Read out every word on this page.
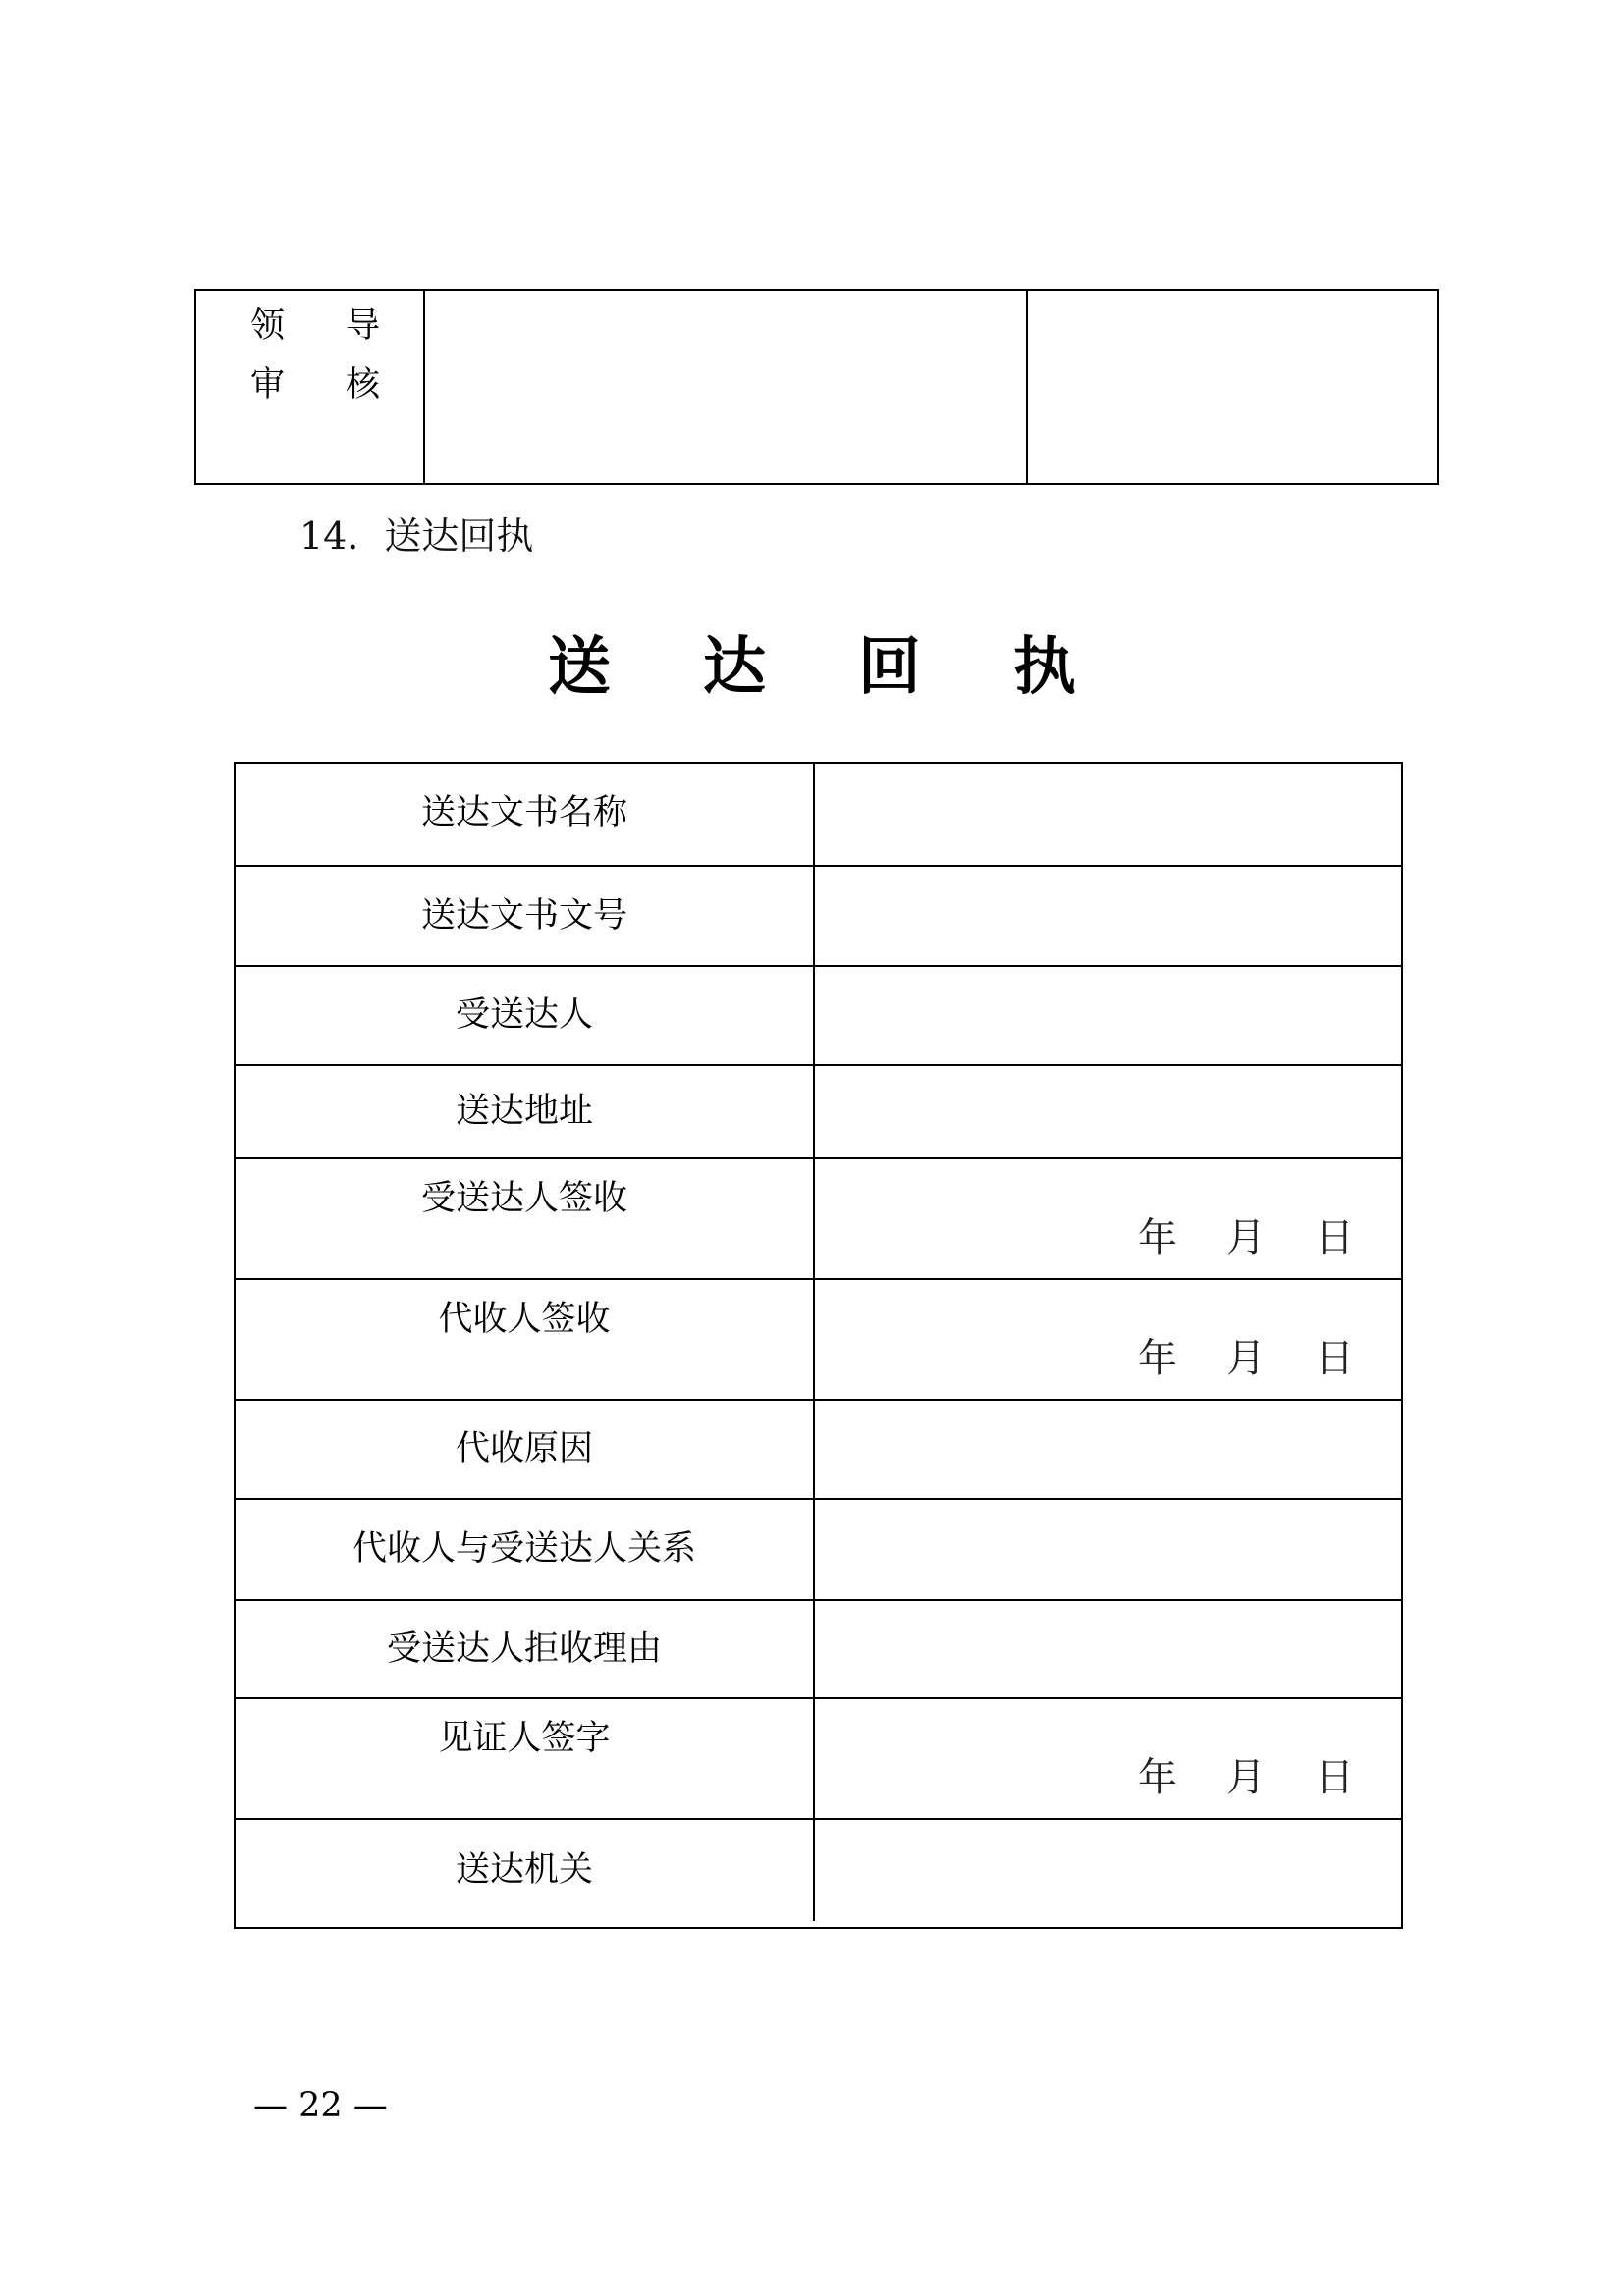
领 导
审 核
14．送达回执
送 达 回 执
送达文书名称
送达文书文号
受送达人
送达地址
受送达人签收
年 月 日
代收人签收
年 月 日
代收原因
代收人与受送达人关系
受送达人拒收理由
见证人签字
年 月 日
送达机关
— 22 —
